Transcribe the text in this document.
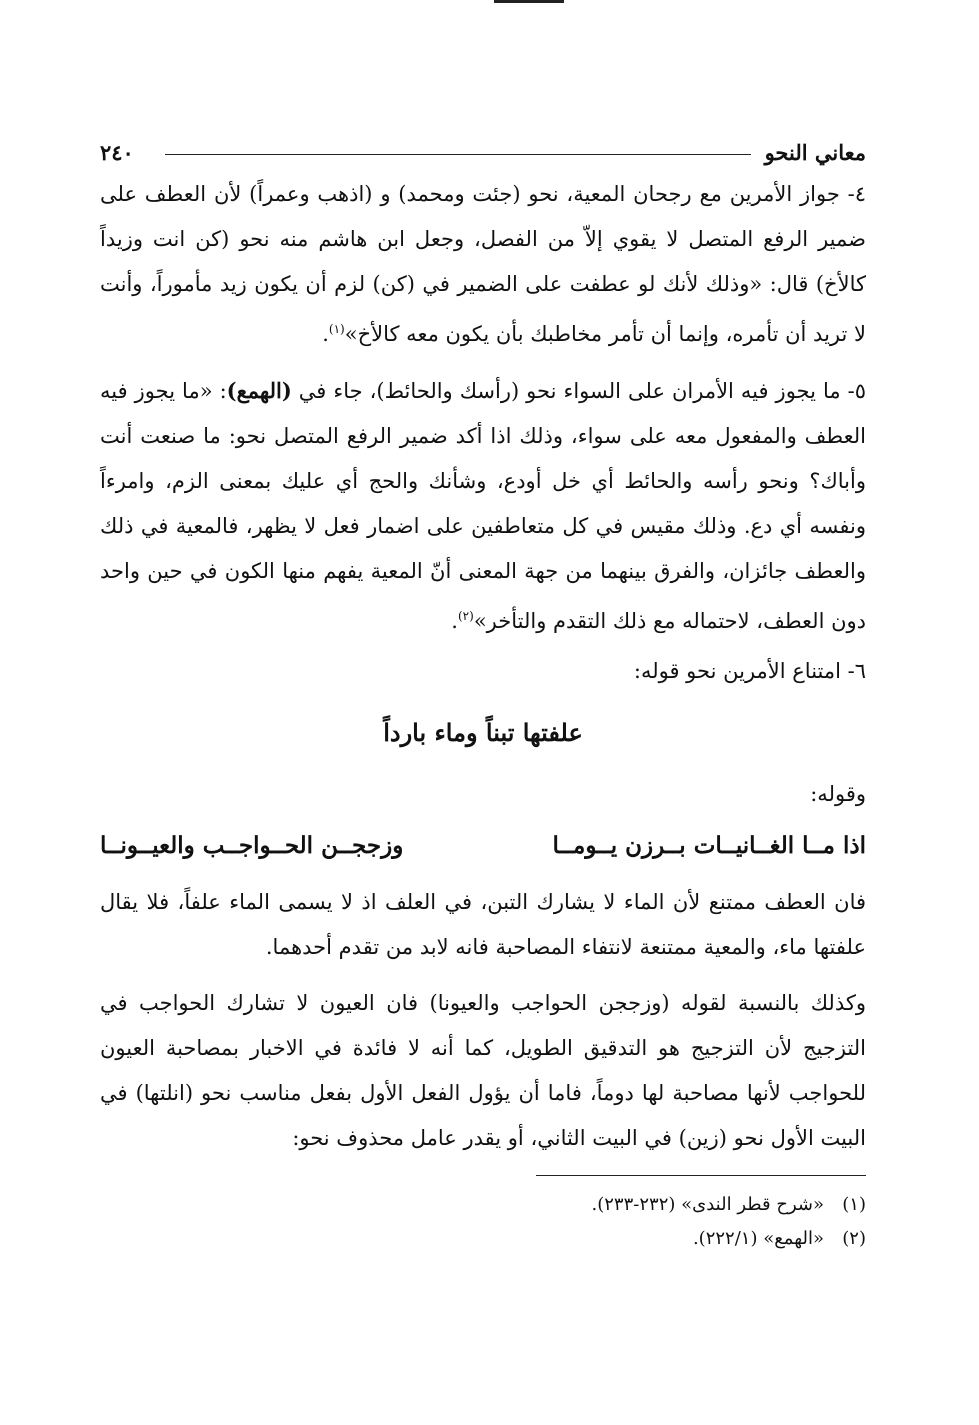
معاني النحو
٢٤٠

٤- جواز الأمرين مع رجحان المعية، نحو (جئت ومحمد) و (اذهب وعمراً) لأن العطف على ضمير الرفع المتصل لا يقوي إلاّ من الفصل، وجعل ابن هاشم منه نحو (كن انت وزيداً كالأخ) قال: «وذلك لأنك لو عطفت على الضمير في (كن) لزم أن يكون زيد مأموراً، وأنت لا تريد أن تأمره، وإنما أن تأمر مخاطبك بأن يكون معه كالأخ»$^{(١)}$.

٥- ما يجوز فيه الأمران على السواء نحو (رأسك والحائط)، جاء في (الهمع): «ما يجوز فيه العطف والمفعول معه على سواء، وذلك اذا أكد ضمير الرفع المتصل نحو: ما صنعت أنت وأباك؟ ونحو رأسه والحائط أي خل أودع، وشأنك والحج أي عليك بمعنى الزم، وامرءاً ونفسه أي دع. وذلك مقيس في كل متعاطفين على اضمار فعل لا يظهر، فالمعية في ذلك والعطف جائزان، والفرق بينهما من جهة المعنى أنّ المعية يفهم منها الكون في حين واحد دون العطف، لاحتماله مع ذلك التقدم والتأخر»$^{(٢)}$.

٦- امتناع الأمرين نحو قوله:

علفتها تبناً وماء بارداً
وقوله:
اذا مــا الغــانيــات بــرزن يــومــا
وزججــن الحــواجــب والعيــونــا

فان العطف ممتنع لأن الماء لا يشارك التبن، في العلف اذ لا يسمى الماء علفاً، فلا يقال علفتها ماء، والمعية ممتنعة لانتفاء المصاحبة فانه لابد من تقدم أحدهما.

وكذلك بالنسبة لقوله (وزججن الحواجب والعيونا) فان العيون لا تشارك الحواجب في التزجيج لأن التزجيج هو التدقيق الطويل، كما أنه لا فائدة في الاخبار بمصاحبة العيون للحواجب لأنها مصاحبة لها دوماً، فاما أن يؤول الفعل الأول بفعل مناسب نحو (انلتها) في البيت الأول نحو (زين) في البيت الثاني، أو يقدر عامل محذوف نحو:

(١)«شرح قطر الندى» (٢٣٢-٢٣٣).
(٢)«الهمع» (٢٢٢/١).
